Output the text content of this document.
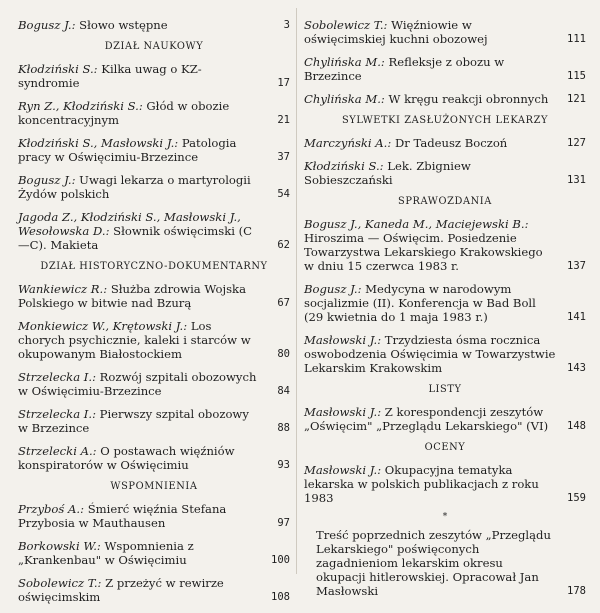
Bogusz J.: Słowo wstępne	3
DZIAŁ NAUKOWY
Kłodziński S.: Kilka uwag o KZ-syndromie	17
Ryn Z., Kłodziński S.: Głód w obozie koncentracyjnym	21
Kłodziński S., Masłowski J.: Patologia pracy w Oświęcimiu-Brzezince	37
Bogusz J.: Uwagi lekarza o martyrologii Żydów polskich	54
Jagoda Z., Kłodziński S., Masłowski J., Wesołowska D.: Słownik oświęcimski (C—C). Makieta	62
DZIAŁ HISTORYCZNO-DOKUMENTARNY
Wankiewicz R.: Służba zdrowia Wojska Polskiego w bitwie nad Bzurą	67
Monkiewicz W., Krętowski J.: Los chorych psychicznie, kaleki i starców w okupowanym Białostockiem	80
Strzelecka I.: Rozwój szpitali obozowych w Oświęcimiu-Brzezince	84
Strzelecka I.: Pierwszy szpital obozowy w Brzezince	88
Strzelecki A.: O postawach więźniów konspiratorów w Oświęcimiu	93
WSPOMNIENIA
Przyboś A.: Śmierć więźnia Stefana Przybosia w Mauthausen	97
Borkowski W.: Wspomnienia z „Krankenbau" w Oświęcimiu	100
Sobolewicz T.: Z przeżyć w rewirze oświęcimskim	108
Sobolewicz T.: Więźniowie w oświęcimskiej kuchni obozowej	111
Chylińska M.: Refleksje z obozu w Brzezince	115
Chylińska M.: W kręgu reakcji obronnych	121
SYLWETKI ZASŁUŻONYCH LEKARZY
Marczyński A.: Dr Tadeusz Boczoń	127
Kłodziński S.: Lek. Zbigniew Sobieszczański	131
SPRAWOZDANIA
Bogusz J., Kaneda M., Maciejewski B.: Hiroszima — Oświęcim. Posiedzenie Towarzystwa Lekarskiego Krakowskiego w dniu 15 czerwca 1983 r.	137
Bogusz J.: Medycyna w narodowym socjalizmie (II). Konferencja w Bad Boll (29 kwietnia do 1 maja 1983 r.)	141
Masłowski J.: Trzydziesta ósma rocznica oswobodzenia Oświęcimia w Towarzystwie Lekarskim Krakowskim	143
LISTY
Masłowski J.: Z korespondencji zeszytów „Oświęcim" „Przeglądu Lekarskiego" (VI)	148
OCENY
Masłowski J.: Okupacyjna tematyka lekarska w polskich publikacjach z roku 1983	159
*
Treść poprzednich zeszytów „Przeglądu Lekarskiego" poświęconych zagadnieniom lekarskim okresu okupacji hitlerowskiej. Opracował Jan Masłowski	178
